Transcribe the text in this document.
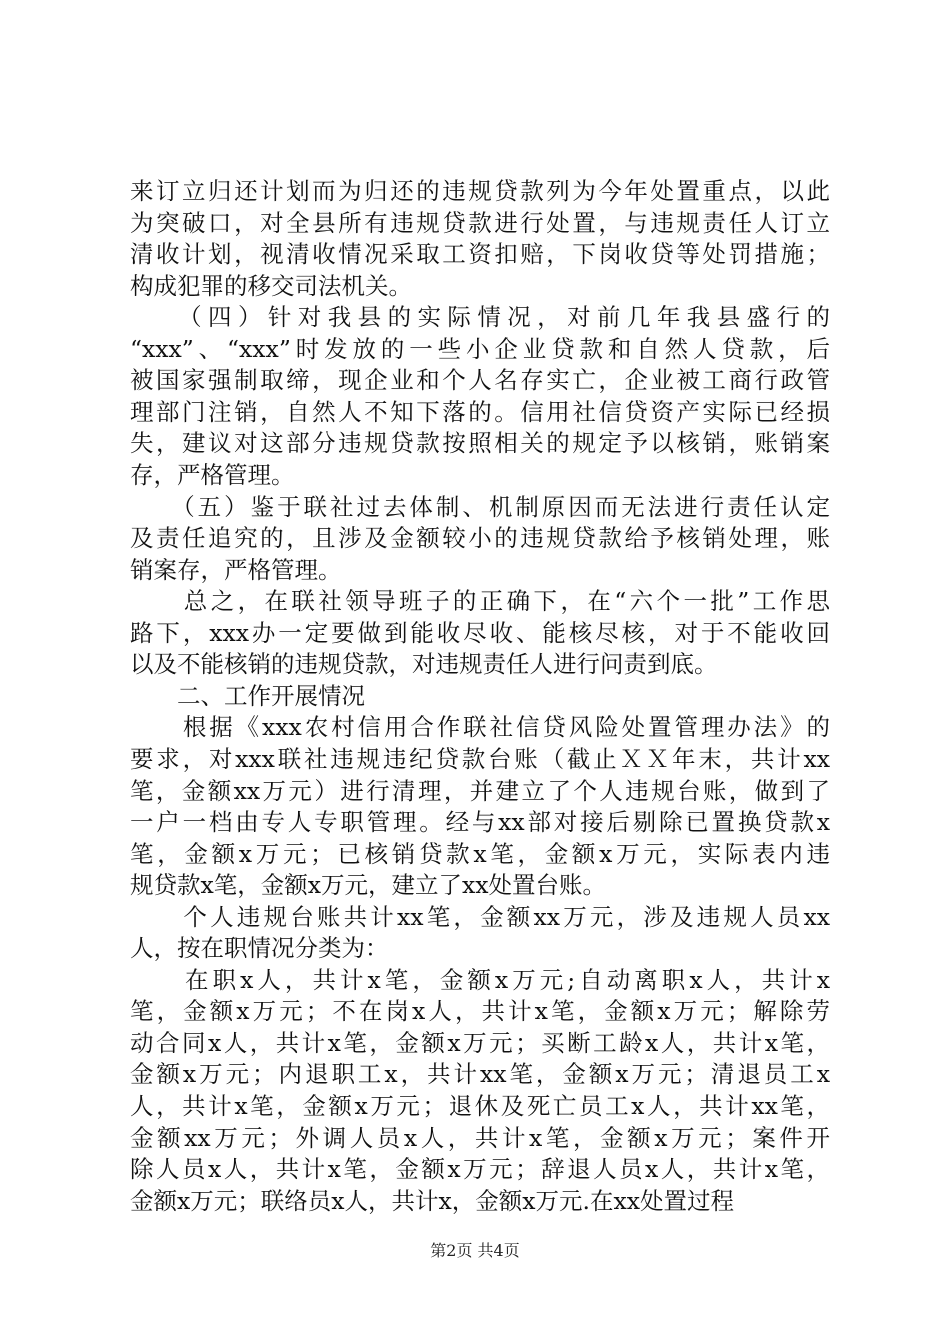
来订立归还计划而为归还的违规贷款列为今年处置重点，以此
为突破口，对全县所有违规贷款进行处置，与违规责任人订立
清收计划，视清收情况采取工资扣赔，下岗收贷等处罚措施；
构成犯罪的移交司法机关。
　　（四）针对我县的实际情况，对前几年我县盛行的
“xxx”、“xxx”时发放的一些小企业贷款和自然人贷款，后
被国家强制取缔，现企业和个人名存实亡，企业被工商行政管
理部门注销，自然人不知下落的。信用社信贷资产实际已经损
失，建议对这部分违规贷款按照相关的规定予以核销，账销案
存，严格管理。
　　（五）鉴于联社过去体制、机制原因而无法进行责任认定
及责任追究的，且涉及金额较小的违规贷款给予核销处理，账
销案存，严格管理。
　　总之，在联社领导班子的正确下，在“六个一批”工作思
路下，xxx办一定要做到能收尽收、能核尽核，对于不能收回
以及不能核销的违规贷款，对违规责任人进行问责到底。
　　二、工作开展情况
　　根据《xxx农村信用合作联社信贷风险处置管理办法》的
要求，对xxx联社违规违纪贷款台账（截止ＸＸ年末，共计xx
笔，金额xx万元）进行清理，并建立了个人违规台账，做到了
一户一档由专人专职管理。经与xx部对接后剔除已置换贷款x
笔，金额x万元；已核销贷款x笔，金额x万元，实际表内违
规贷款x笔，金额x万元，建立了xx处置台账。
　　个人违规台账共计xx笔，金额xx万元，涉及违规人员xx
人，按在职情况分类为：
　　在职x人，共计x笔，金额x万元;自动离职x人，共计x
笔，金额x万元；不在岗x人，共计x笔，金额x万元；解除劳
动合同x人，共计x笔，金额x万元；买断工龄x人，共计x笔，
金额x万元；内退职工x，共计xx笔，金额x万元；清退员工x
人，共计x笔，金额x万元；退休及死亡员工x人，共计xx笔，
金额xx万元；外调人员x人，共计x笔，金额x万元；案件开
除人员x人，共计x笔，金额x万元；辞退人员x人，共计x笔，
金额x万元；联络员x人，共计x，金额x万元.在xx处置过程
第2页 共4页
